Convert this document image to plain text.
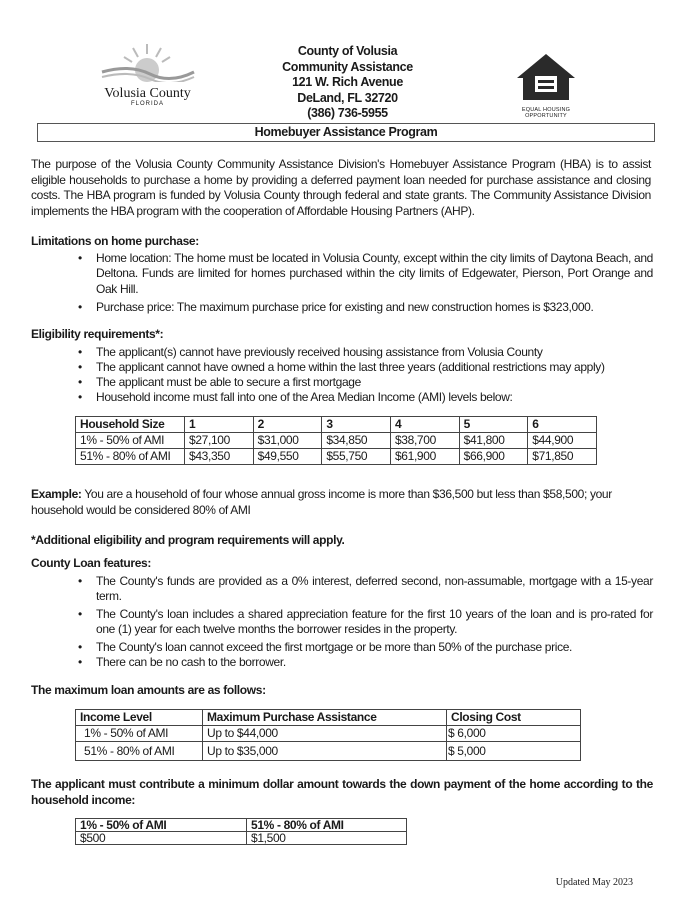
Volusia County
FLORIDA
County of Volusia
Community Assistance
121 W. Rich Avenue
DeLand, FL 32720
(386) 736-5955	EQUAL HOUSING
OPPORTUNITY
Homebuyer Assistance Program

The purpose of the Volusia County Community Assistance Division's Homebuyer Assistance Program (HBA) is to assist eligible households to purchase a home by providing a deferred payment loan needed for purchase assistance and closing costs. The HBA program is funded by Volusia County through federal and state grants. The Community Assistance Division implements the HBA program with the cooperation of Affordable Housing Partners (AHP).

Limitations on home purchase:

• Home location: The home must be located in Volusia County, except within the city limits of Daytona Beach, and Deltona. Funds are limited for homes purchased within the city limits of Edgewater, Pierson, Port Orange and Oak Hill.
• Purchase price: The maximum purchase price for existing and new construction homes is $323,000.

Eligibility requirements*:

• The applicant(s) cannot have previously received housing assistance from Volusia County
• The applicant cannot have owned a home within the last three years (additional restrictions may apply)
• The applicant must be able to secure a first mortgage
• Household income must fall into one of the Area Median Income (AMI) levels below:
Household Size	1	2	3	4	5	6
1% - 50% of AMI	$27,100	$31,000	$34,850	$38,700	$41,800	$44,900
51% - 80% of AMI	$43,350	$49,550	$55,750	$61,900	$66,900	$71,850

Example: You are a household of four whose annual gross income is more than $36,500 but less than $58,500; your household would be considered 80% of AMI

*Additional eligibility and program requirements will apply.

County Loan features:

• The County's funds are provided as a 0% interest, deferred second, non-assumable, mortgage with a 15-year term.
• The County's loan includes a shared appreciation feature for the first 10 years of the loan and is pro-rated for one (1) year for each twelve months the borrower resides in the property.
• The County's loan cannot exceed the first mortgage or be more than 50% of the purchase price.
• There can be no cash to the borrower.

The maximum loan amounts are as follows:

Income Level	Maximum Purchase Assistance	Closing Cost
1% - 50% of AMI	Up to $44,000	$ 6,000
51% - 80% of AMI	Up to $35,000	$ 5,000

The applicant must contribute a minimum dollar amount towards the down payment of the home according to the household income:

1% - 50% of AMI	51% - 80% of AMI
$500	$1,500
Updated May 2023
